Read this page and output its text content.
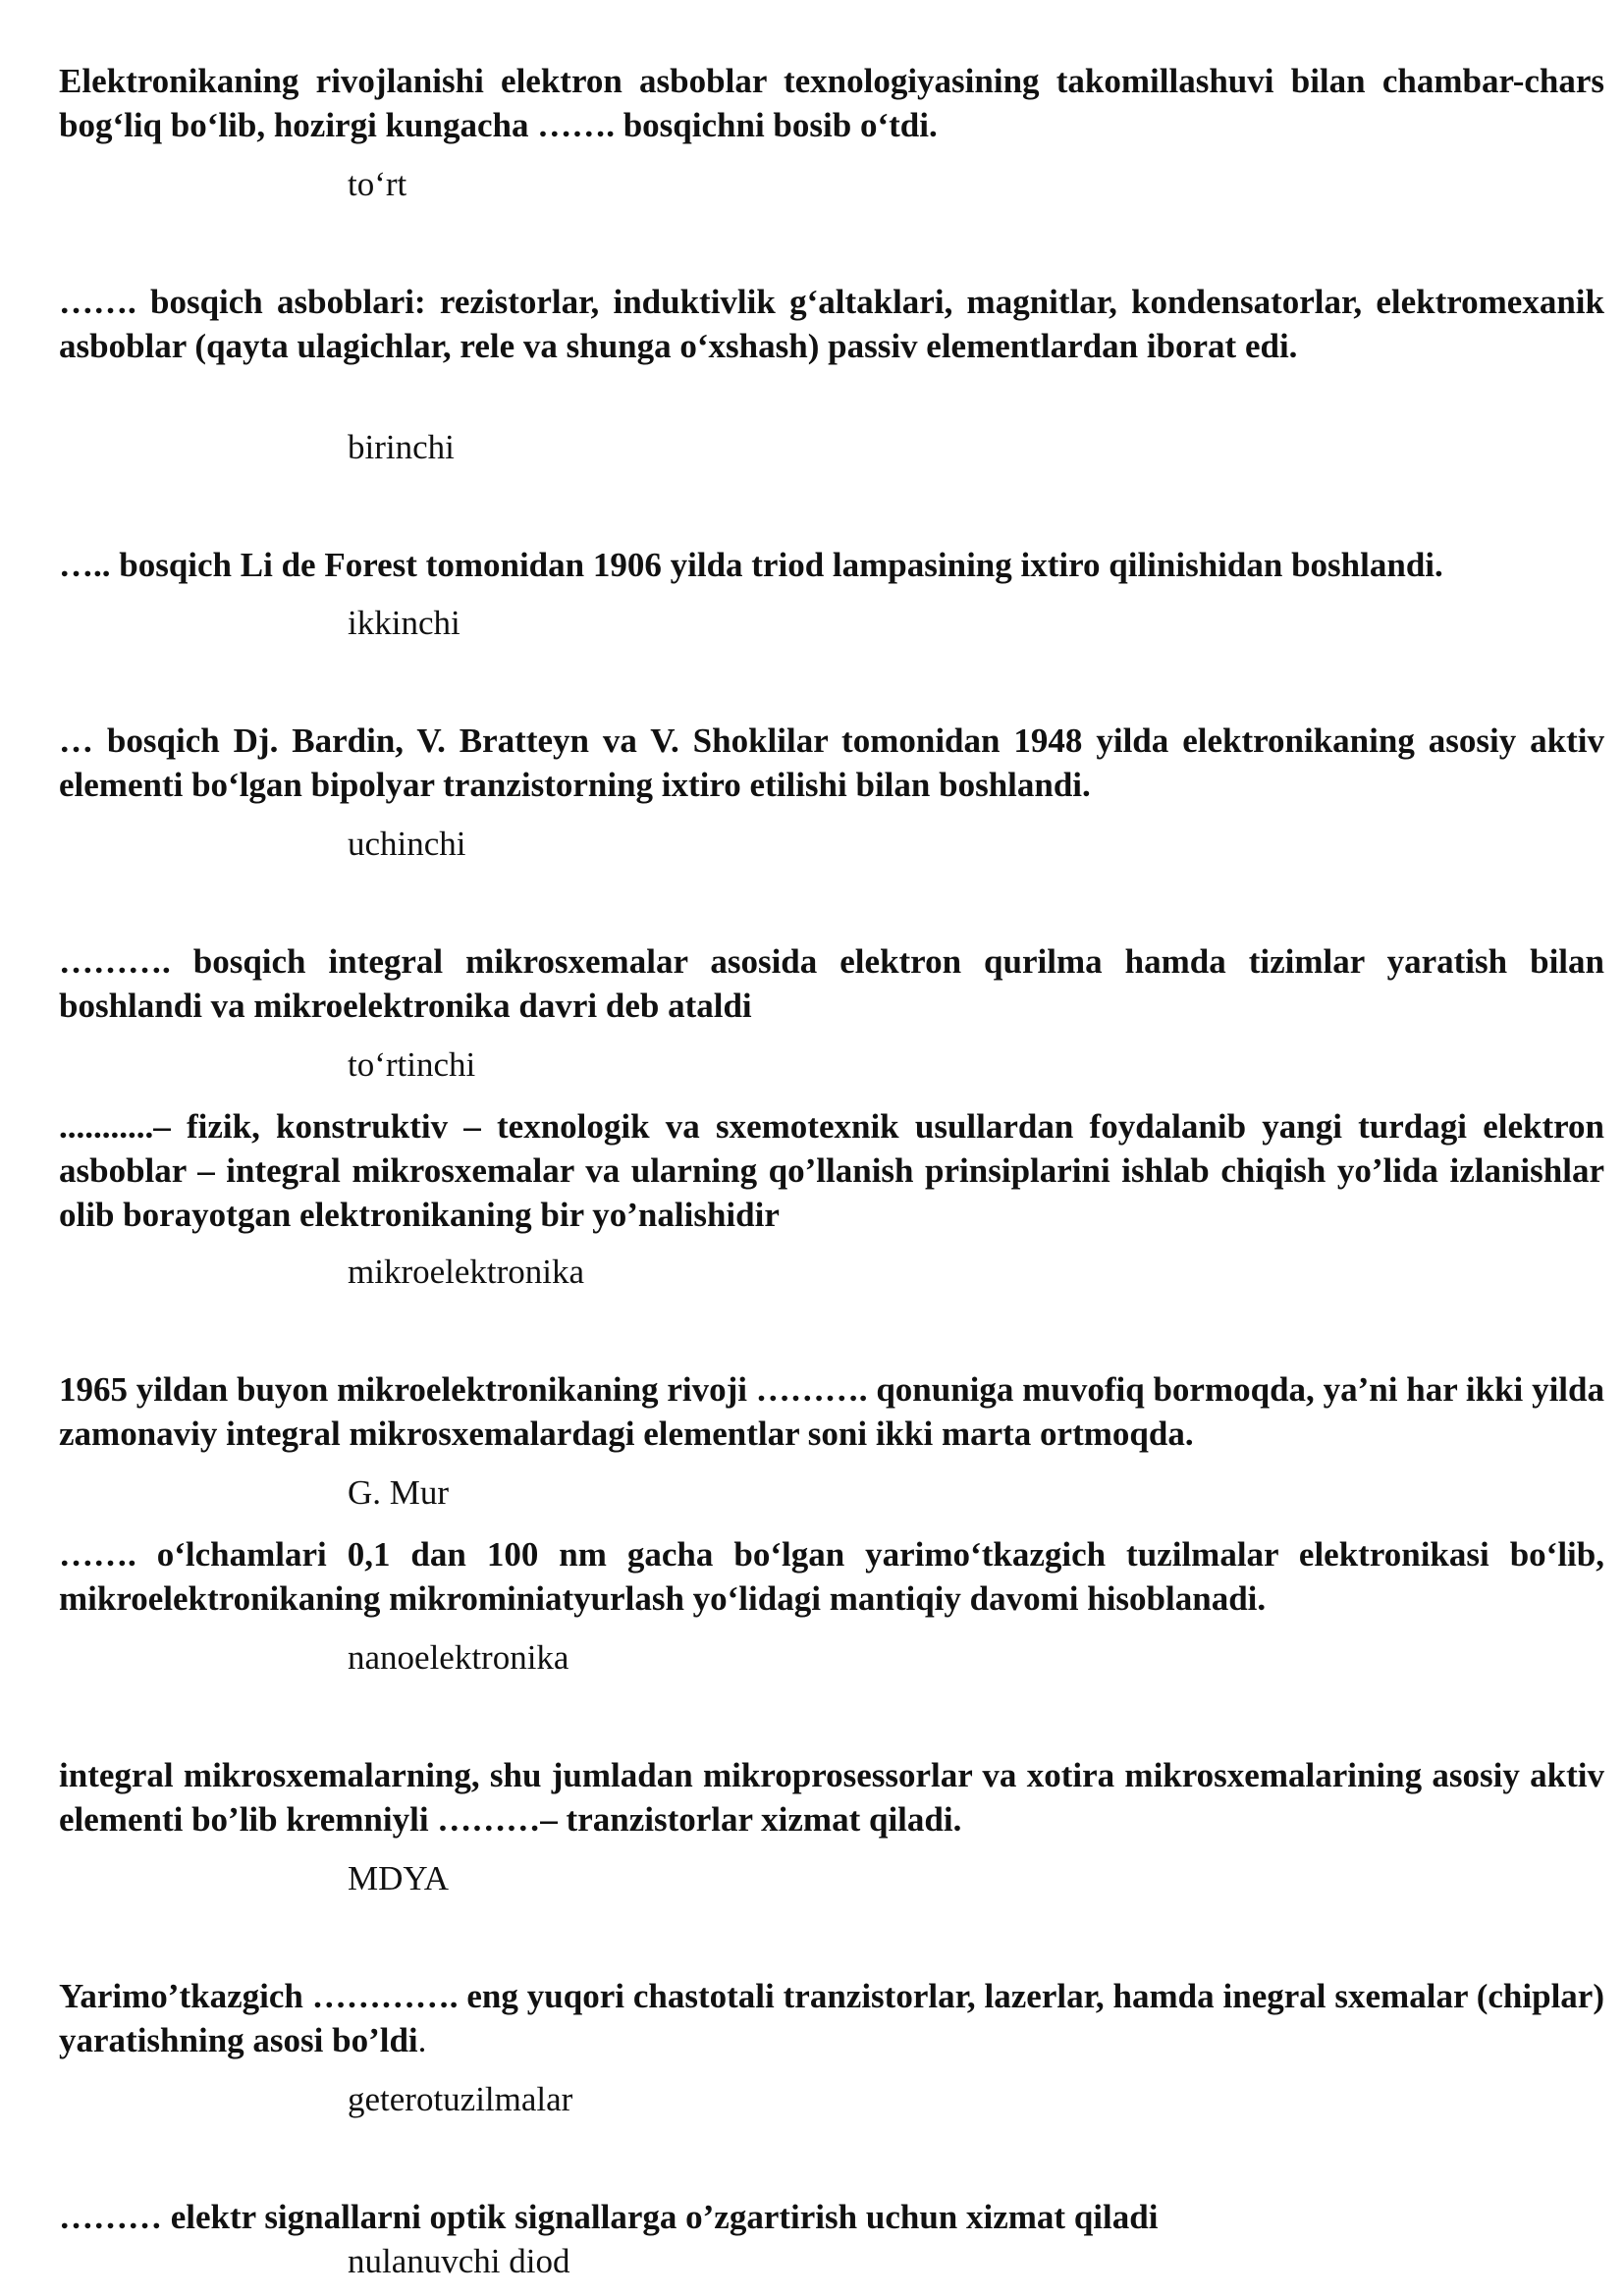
Elektronikaning rivojlanishi elektron asboblar texnologiyasining takomillashuvi bilan chambar-chars bog‘liq bo‘lib, hozirgi kungacha ……. bosqichni bosib o‘tdi.

to‘rt

……. bosqich asboblari: rezistorlar, induktivlik g‘altaklari, magnitlar, kondensatorlar, elektromexanik asboblar (qayta ulagichlar, rele va shunga o‘xshash) passiv elementlardan iborat edi.

birinchi

….. bosqich Li de Forest tomonidan 1906 yilda triod lampasining ixtiro qilinishidan boshlandi.

ikkinchi

… bosqich Dj. Bardin, V. Bratteyn va V. Shoklilar tomonidan 1948 yilda elektronikaning asosiy aktiv elementi bo‘lgan bipolyar tranzistorning ixtiro etilishi bilan boshlandi.

uchinchi

………. bosqich integral mikrosxemalar asosida elektron qurilma hamda tizimlar yaratish bilan boshlandi va mikroelektronika davri deb ataldi

to‘rtinchi

...........– fizik, konstruktiv – texnologik va sxemotexnik usullardan foydalanib yangi turdagi elektron asboblar – integral mikrosxemalar va ularning qo’llanish prinsiplarini ishlab chiqish yo’lida izlanishlar olib borayotgan elektronikaning bir yo’nalishidir

mikroelektronika

1965 yildan buyon mikroelektronikaning rivoji ………. qonuniga muvofiq bormoqda, ya’ni har ikki yilda zamonaviy integral mikrosxemalardagi elementlar soni ikki marta ortmoqda.

G. Mur

……. o‘lchamlari 0,1 dan 100 nm gacha bo‘lgan yarimo‘tkazgich tuzilmalar elektronikasi bo‘lib, mikroelektronikaning mikrominiatyurlash yo‘lidagi mantiqiy davomi hisoblanadi.

nanoelektronika

integral mikrosxemalarning, shu jumladan mikroprosessorlar va xotira mikrosxemalarining asosiy aktiv elementi bo’lib kremniyli ………– tranzistorlar xizmat qiladi.

MDYA

Yarimo’tkazgich …………. eng yuqori chastotali tranzistorlar, lazerlar, hamda inegral sxemalar (chiplar) yaratishning asosi bo’ldi.

geterotuzilmalar

……… elektr signallarni optik signallarga o’zgartirish uchun xizmat qiladi

nulanuvchi diod
